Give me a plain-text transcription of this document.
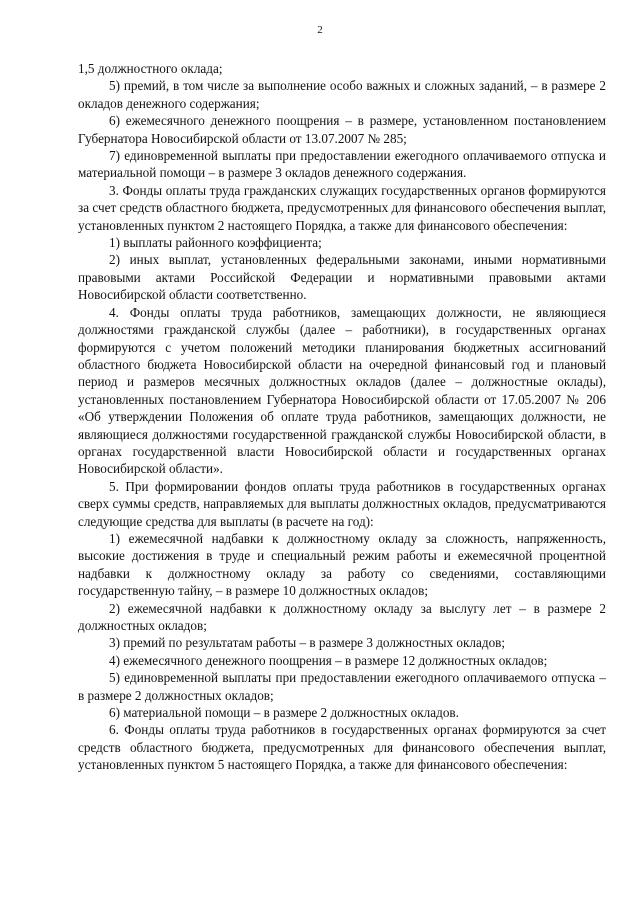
2

1,5 должностного оклада;

5) премий, в том числе за выполнение особо важных и сложных заданий, – в размере 2 окладов денежного содержания;

6) ежемесячного денежного поощрения – в размере, установленном постановлением Губернатора Новосибирской области от 13.07.2007 № 285;

7) единовременной выплаты при предоставлении ежегодного оплачиваемого отпуска и материальной помощи – в размере 3 окладов денежного содержания.

3. Фонды оплаты труда гражданских служащих государственных органов формируются за счет средств областного бюджета, предусмотренных для финансового обеспечения выплат, установленных пунктом 2 настоящего Порядка, а также для финансового обеспечения:

1) выплаты районного коэффициента;

2) иных выплат, установленных федеральными законами, иными нормативными правовыми актами Российской Федерации и нормативными правовыми актами Новосибирской области соответственно.

4. Фонды оплаты труда работников, замещающих должности, не являющиеся должностями гражданской службы (далее – работники), в государственных органах формируются с учетом положений методики планирования бюджетных ассигнований областного бюджета Новосибирской области на очередной финансовый год и плановый период и размеров месячных должностных окладов (далее – должностные оклады), установленных постановлением Губернатора Новосибирской области от 17.05.2007 № 206 «Об утверждении Положения об оплате труда работников, замещающих должности, не являющиеся должностями государственной гражданской службы Новосибирской области, в органах государственной власти Новосибирской области и государственных органах Новосибирской области».

5. При формировании фондов оплаты труда работников в государственных органах сверх суммы средств, направляемых для выплаты должностных окладов, предусматриваются следующие средства для выплаты (в расчете на год):

1) ежемесячной надбавки к должностному окладу за сложность, напряженность, высокие достижения в труде и специальный режим работы и ежемесячной процентной надбавки к должностному окладу за работу со сведениями, составляющими государственную тайну, – в размере 10 должностных окладов;

2) ежемесячной надбавки к должностному окладу за выслугу лет – в размере 2 должностных окладов;

3) премий по результатам работы – в размере 3 должностных окладов;

4) ежемесячного денежного поощрения – в размере 12 должностных окладов;

5) единовременной выплаты при предоставлении ежегодного оплачиваемого отпуска – в размере 2 должностных окладов;

6) материальной помощи – в размере 2 должностных окладов.

6. Фонды оплаты труда работников в государственных органах формируются за счет средств областного бюджета, предусмотренных для финансового обеспечения выплат, установленных пунктом 5 настоящего Порядка, а также для финансового обеспечения:
